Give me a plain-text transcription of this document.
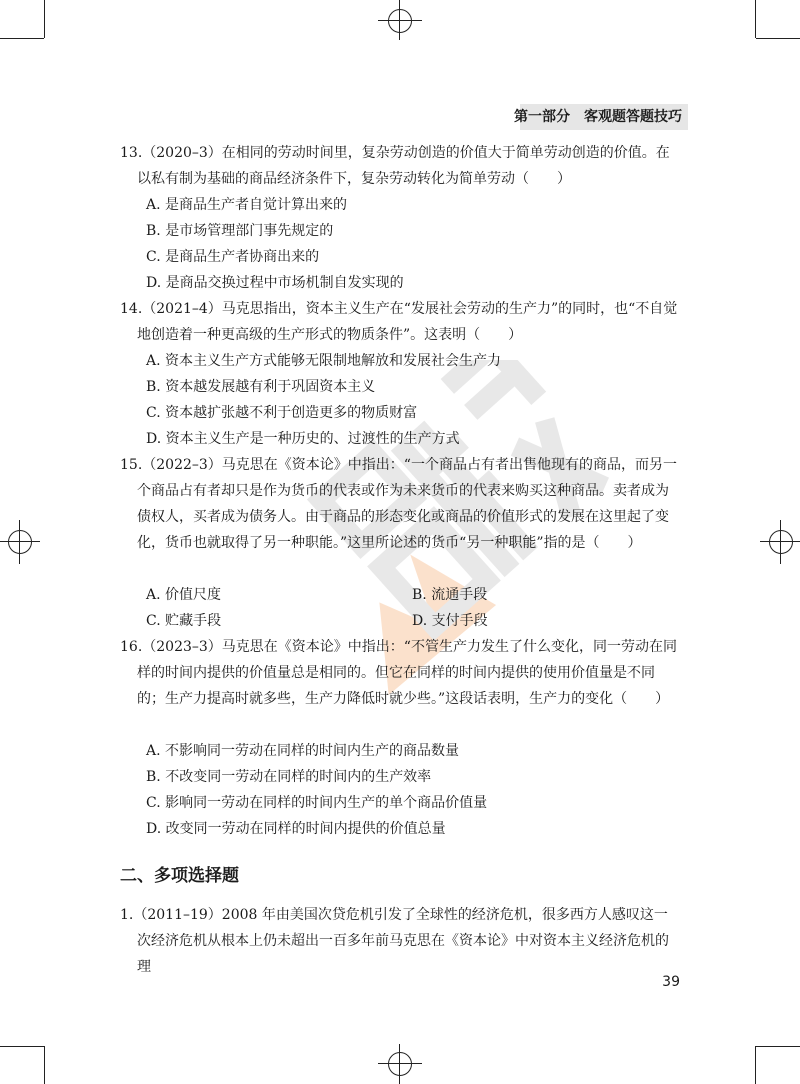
第一部分　客观题答题技巧

13.（2020–3）在相同的劳动时间里，复杂劳动创造的价值大于简单劳动创造的价值。在以私有制为基础的商品经济条件下，复杂劳动转化为简单劳动（　　）

A. 是商品生产者自觉计算出来的
B. 是市场管理部门事先规定的
C. 是商品生产者协商出来的
D. 是商品交换过程中市场机制自发实现的

14.（2021–4）马克思指出，资本主义生产在“发展社会劳动的生产力”的同时，也“不自觉地创造着一种更高级的生产形式的物质条件”。这表明（　　）

A. 资本主义生产方式能够无限制地解放和发展社会生产力
B. 资本越发展越有利于巩固资本主义
C. 资本越扩张越不利于创造更多的物质财富
D. 资本主义生产是一种历史的、过渡性的生产方式

15.（2022–3）马克思在《资本论》中指出：“一个商品占有者出售他现有的商品，而另一个商品占有者却只是作为货币的代表或作为未来货币的代表来购买这种商品。卖者成为债权人，买者成为债务人。由于商品的形态变化或商品的价值形式的发展在这里起了变化，货币也就取得了另一种职能。”这里所论述的货币“另一种职能”指的是（　　）

A. 价值尺度	B. 流通手段
C. 贮藏手段	D. 支付手段

16.（2023–3）马克思在《资本论》中指出：“不管生产力发生了什么变化，同一劳动在同样的时间内提供的价值量总是相同的。但它在同样的时间内提供的使用价值量是不同的；生产力提高时就多些，生产力降低时就少些。”这段话表明，生产力的变化（　　）

A. 不影响同一劳动在同样的时间内生产的商品数量
B. 不改变同一劳动在同样的时间内的生产效率
C. 影响同一劳动在同样的时间内生产的单个商品价值量
D. 改变同一劳动在同样的时间内提供的价值总量
二、多项选择题

1.（2011–19）2008 年由美国次贷危机引发了全球性的经济危机，很多西方人感叹这一次经济危机从根本上仍未超出一百多年前马克思在《资本论》中对资本主义经济危机的理

39
